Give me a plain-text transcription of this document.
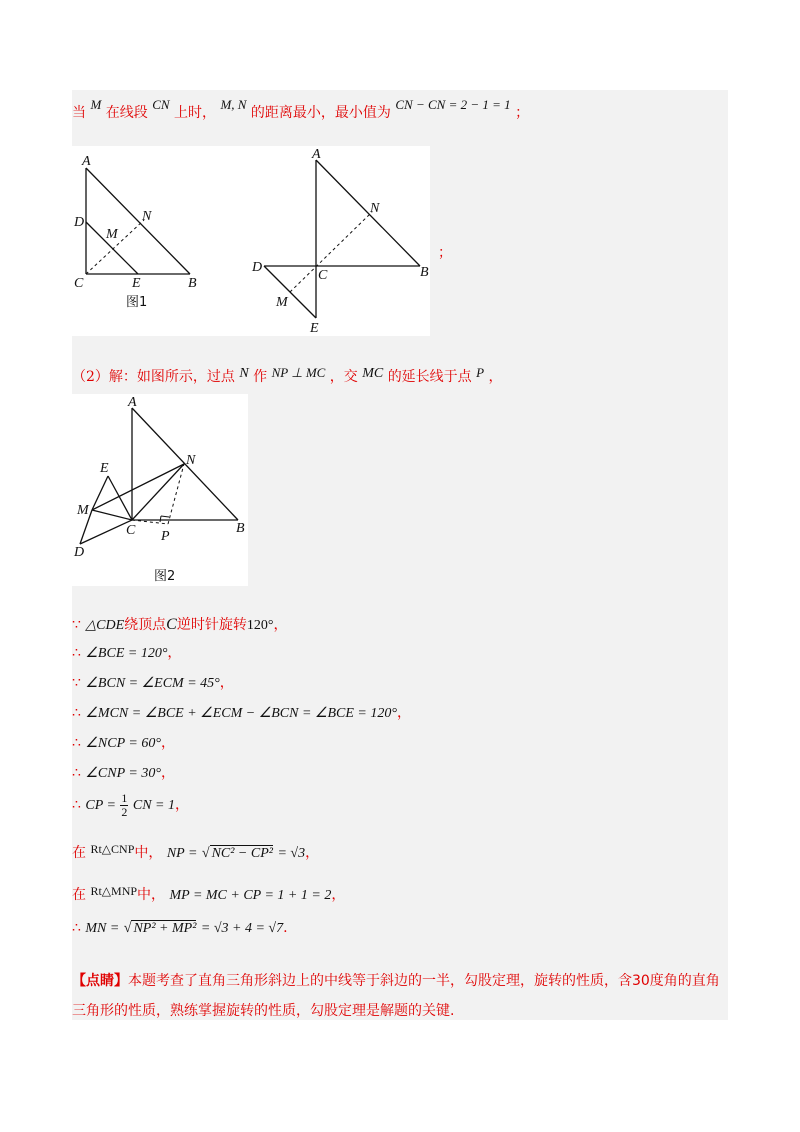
当 M 在线段 CN 上时， M, N 的距离最小，最小值为 CN − CN = 2 − 1 = 1 ；
A
D
M
N
C	E	B
图1
A
N
D
C	B
M
E
；
（2）解：如图所示，过点 N 作 NP ⊥ MC ，交 MC 的延长线于点 P ，
A
E
N
M
C P
B
D
图2
∵ △CDE绕顶点C逆时针旋转120°，
∴ ∠BCE = 120°，
∵ ∠BCN = ∠ECM = 45°，
∴ ∠MCN = ∠BCE + ∠ECM − ∠BCN = ∠BCE = 120°，
∴ ∠NCP = 60°，
∴ ∠CNP = 30°，
∴ CP = $\frac{1}{2}$ CN = 1，
在 Rt△CNP中， NP = √ NC² − CP² = √3，
在 Rt△MNP中， MP = MC + CP = 1 + 1 = 2，
∴ MN = √ NP² + MP² = √3 + 4 = √7.
【点睛】本题考查了直角三角形斜边上的中线等于斜边的一半，勾股定理，旋转的性质，含30度角的直角三角形的性质，熟练掌握旋转的性质，勾股定理是解题的关键.
